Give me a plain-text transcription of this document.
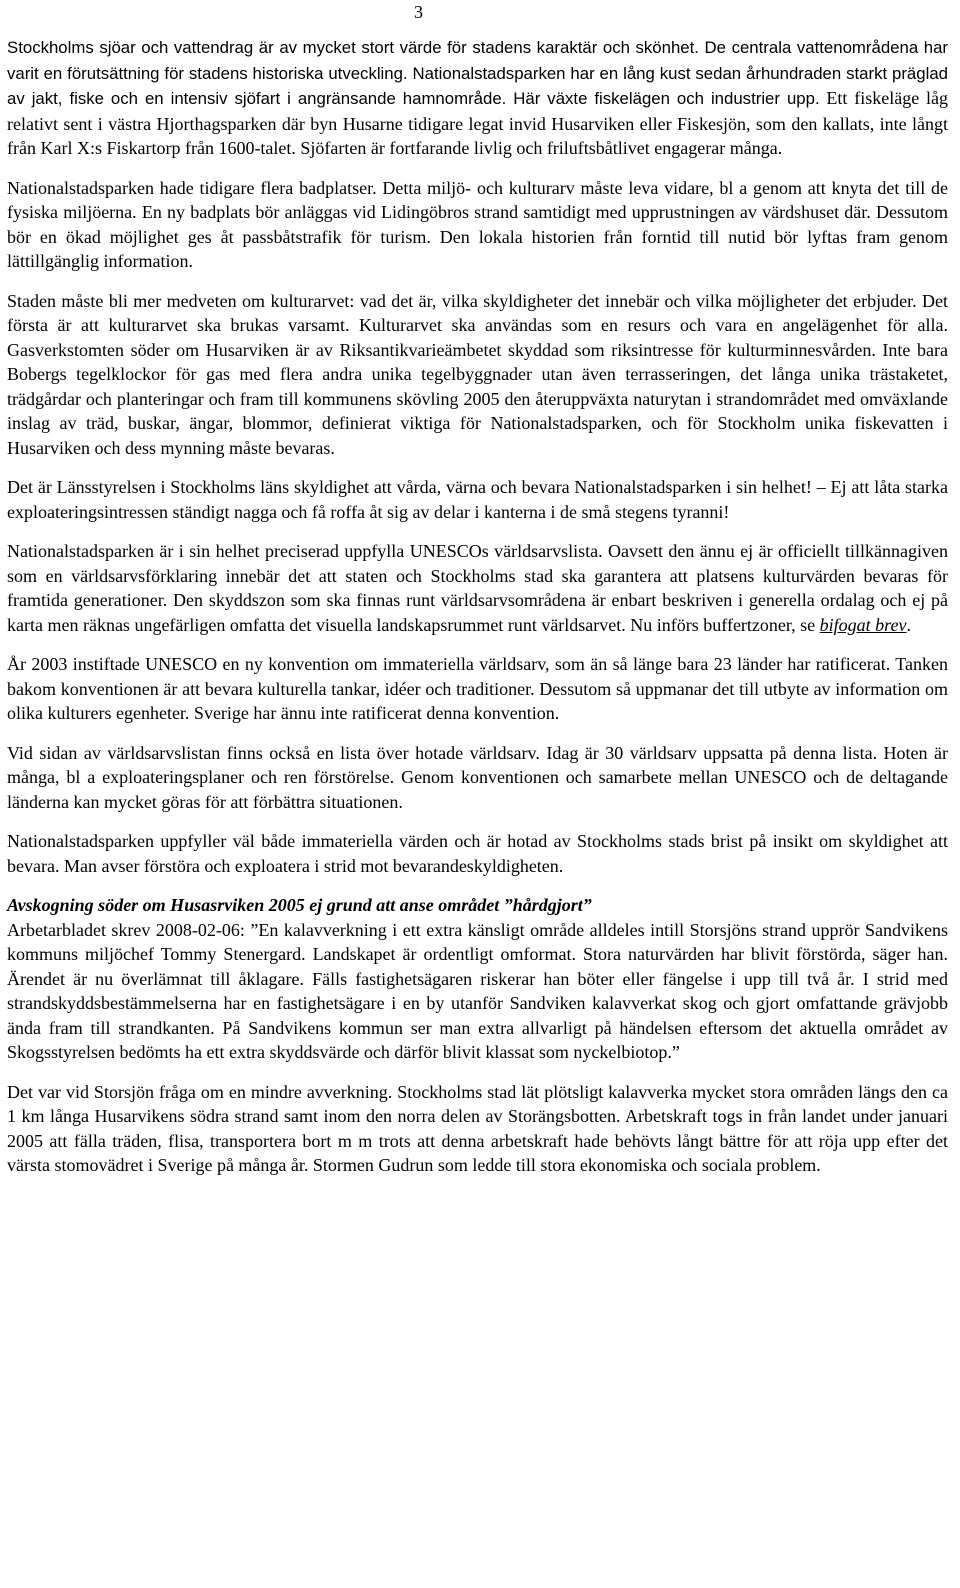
3

Stockholms sjöar och vattendrag är av mycket stort värde för stadens karaktär och skönhet. De centrala vattenområdena har varit en förutsättning för stadens historiska utveckling. Nationalstadsparken har en lång kust sedan århundraden starkt präglad av jakt, fiske och en intensiv sjöfart i angränsande hamnområde. Här växte fiskelägen och industrier upp. Ett fiskeläge låg relativt sent i västra Hjorthagsparken där byn Husarne tidigare legat invid Husarviken eller Fiskesjön, som den kallats, inte långt från Karl X:s Fiskartorp från 1600-talet. Sjöfarten är fortfarande livlig och friluftsbåtlivet engagerar många.

Nationalstadsparken hade tidigare flera badplatser. Detta miljö- och kulturarv måste leva vidare, bl a genom att knyta det till de fysiska miljöerna. En ny badplats bör anläggas vid Lidingöbros strand samtidigt med upprustningen av värdshuset där. Dessutom bör en ökad möjlighet ges åt passbåtstrafik för turism. Den lokala historien från forntid till nutid bör lyftas fram genom lättillgänglig information.

Staden måste bli mer medveten om kulturarvet: vad det är, vilka skyldigheter det innebär och vilka möjligheter det erbjuder. Det första är att kulturarvet ska brukas varsamt. Kulturarvet ska användas som en resurs och vara en angelägenhet för alla. Gasverkstomten söder om Husarviken är av Riksantikvarieämbetet skyddad som riksintresse för kulturminnesvården. Inte bara Bobergs tegelklockor för gas med flera andra unika tegelbyggnader utan även terrasseringen, det långa unika trästaketet, trädgårdar och planteringar och fram till kommunens skövling 2005 den återuppväxta naturytan i strandområdet med omväxlande inslag av träd, buskar, ängar, blommor, definierat viktiga för Nationalstadsparken, och för Stockholm unika fiskevatten i Husarviken och dess mynning måste bevaras.

Det är Länsstyrelsen i Stockholms läns skyldighet att vårda, värna och bevara Nationalstadsparken i sin helhet! – Ej att låta starka exploateringsintressen ständigt nagga och få roffa åt sig av delar i kanterna i de små stegens tyranni!

Nationalstadsparken är i sin helhet preciserad uppfylla UNESCOs världsarvslista. Oavsett den ännu ej är officiellt tillkännagiven som en världsarvsförklaring innebär det att staten och Stockholms stad ska garantera att platsens kulturvärden bevaras för framtida generationer. Den skyddszon som ska finnas runt världsarvsområdena är enbart beskriven i generella ordalag och ej på karta men räknas ungefärligen omfatta det visuella landskapsrummet runt världsarvet. Nu införs buffertzoner, se bifogat brev.

År 2003 instiftade UNESCO en ny konvention om immateriella världsarv, som än så länge bara 23 länder har ratificerat. Tanken bakom konventionen är att bevara kulturella tankar, idéer och traditioner. Dessutom så uppmanar det till utbyte av information om olika kulturers egenheter. Sverige har ännu inte ratificerat denna konvention.

Vid sidan av världsarvslistan finns också en lista över hotade världsarv. Idag är 30 världsarv uppsatta på denna lista. Hoten är många, bl a exploateringsplaner och ren förstörelse. Genom konventionen och samarbete mellan UNESCO och de deltagande länderna kan mycket göras för att förbättra situationen.

Nationalstadsparken uppfyller väl både immateriella värden och är hotad av Stockholms stads brist på insikt om skyldighet att bevara. Man avser förstöra och exploatera i strid mot bevarandeskyldigheten.

Avskogning söder om Husasrviken 2005 ej grund att anse området ”hårdgjort”

Arbetarbladet skrev 2008-02-06: ”En kalavverkning i ett extra känsligt område alldeles intill Storsjöns strand upprör Sandvikens kommuns miljöchef Tommy Stenergard. Landskapet är ordentligt omformat. Stora naturvärden har blivit förstörda, säger han. Ärendet är nu överlämnat till åklagare. Fälls fastighetsägaren riskerar han böter eller fängelse i upp till två år. I strid med strandskyddsbestämmelserna har en fastighetsägare i en by utanför Sandviken kalavverkat skog och gjort omfattande grävjobb ända fram till strandkanten. På Sandvikens kommun ser man extra allvarligt på händelsen eftersom det aktuella området av Skogsstyrelsen bedömts ha ett extra skyddsvärde och därför blivit klassat som nyckelbiotop.”

Det var vid Storsjön fråga om en mindre avverkning. Stockholms stad lät plötsligt kalavverka mycket stora områden längs den ca 1 km långa Husarvikens södra strand samt inom den norra delen av Storängsbotten. Arbetskraft togs in från landet under januari 2005 att fälla träden, flisa, transportera bort m m trots att denna arbetskraft hade behövts långt bättre för att röja upp efter det värsta stomovädret i Sverige på många år. Stormen Gudrun som ledde till stora ekonomiska och sociala problem.
